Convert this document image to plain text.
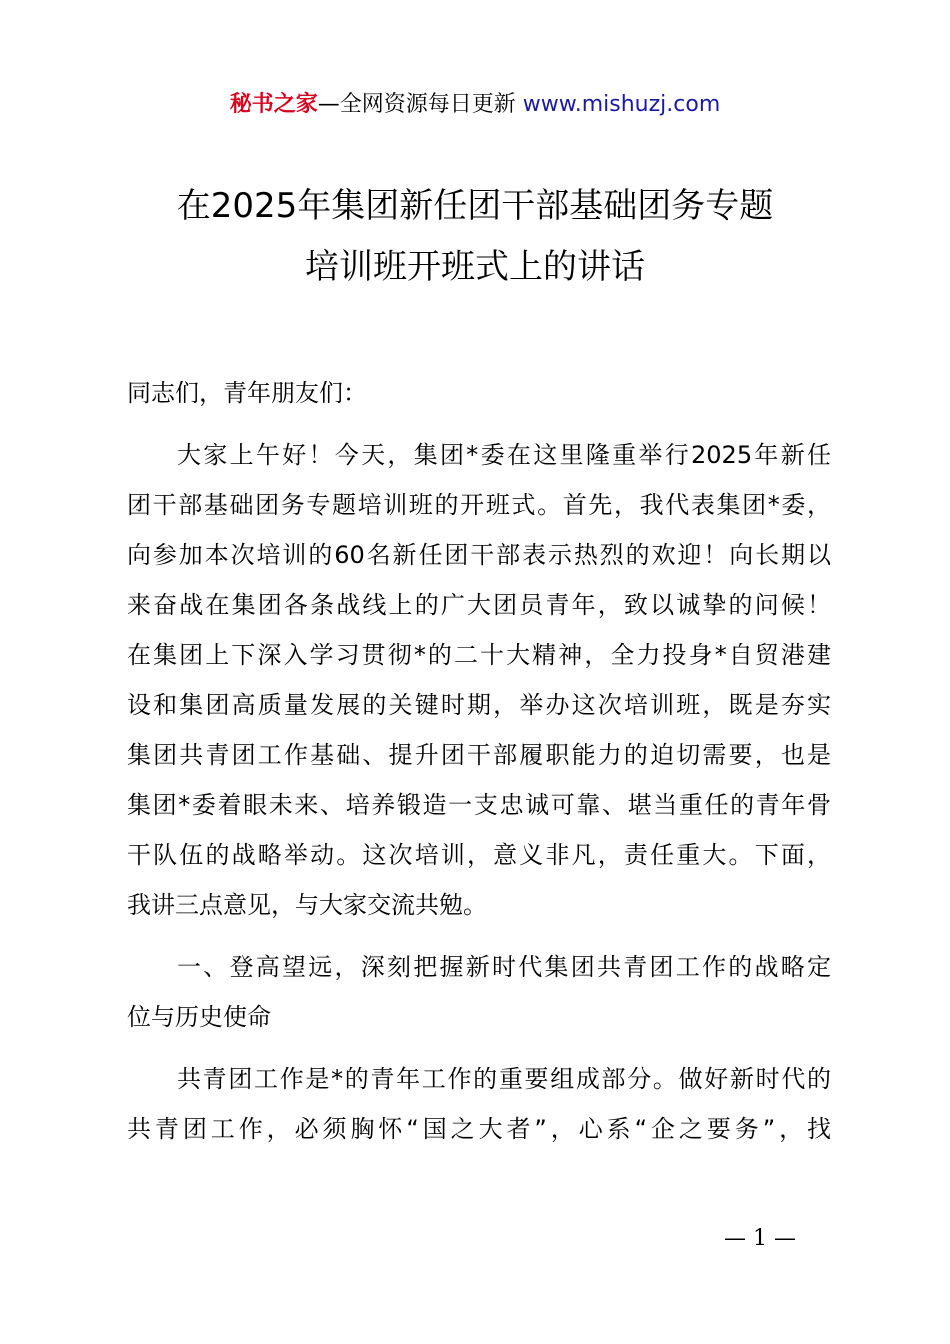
秘书之家—全网资源每日更新 www.mishuzj.com
在2025年集团新任团干部基础团务专题
培训班开班式上的讲话
同志们，青年朋友们：
大家上午好！今天，集团*委在这里隆重举行2025年新任
团干部基础团务专题培训班的开班式。首先，我代表集团*委，
向参加本次培训的60名新任团干部表示热烈的欢迎！向长期以
来奋战在集团各条战线上的广大团员青年，致以诚挚的问候！
在集团上下深入学习贯彻*的二十大精神，全力投身*自贸港建
设和集团高质量发展的关键时期，举办这次培训班，既是夯实
集团共青团工作基础、提升团干部履职能力的迫切需要，也是
集团*委着眼未来、培养锻造一支忠诚可靠、堪当重任的青年骨
干队伍的战略举动。这次培训，意义非凡，责任重大。下面，
我讲三点意见，与大家交流共勉。
一、登高望远，深刻把握新时代集团共青团工作的战略定
位与历史使命
共青团工作是*的青年工作的重要组成部分。做好新时代的
共青团工作，必须胸怀“国之大者”，心系“企之要务”，找
— 1 —
